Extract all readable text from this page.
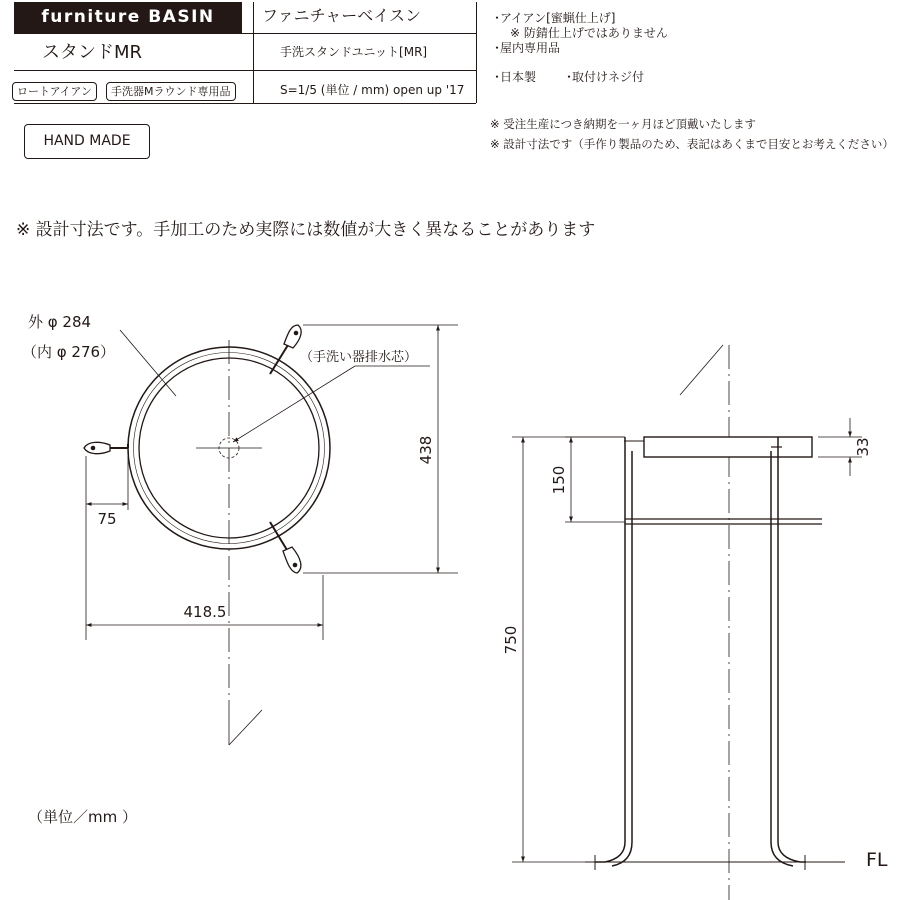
furniture BASIN	ファニチャーベイスン
スタンドMR	手洗スタンドユニット[MR]
ロートアイアン	手洗器Mラウンド専用品	S=1/5 (単位 / mm) open up '17
･アイアン[蜜蝋仕上げ]
※ 防錆仕上げではありません
･屋内専用品
･日本製 ･取付けネジ付
HAND MADE
※ 受注生産につき納期を一ヶ月ほど頂戴いたします
※ 設計寸法です（手作り製品のため、表記はあくまで目安とお考えください）
※ 設計寸法です。手加工のため実際には数値が大きく異なることがあります
（単位／mm ）
外 φ 284
（内 φ 276）	（手洗い器排水芯）
438
75
418.5
33
150
750
FL
